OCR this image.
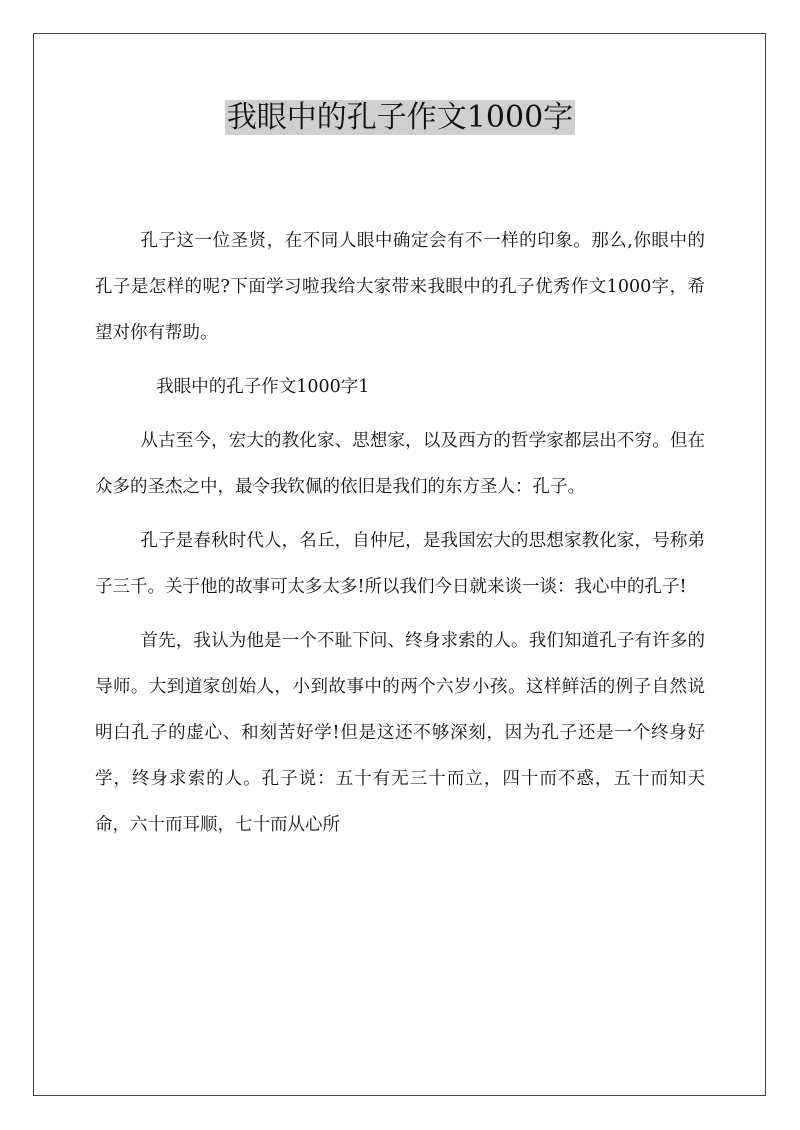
我眼中的孔子作文1000字

孔子这一位圣贤，在不同人眼中确定会有不一样的印象。那么,你眼中的孔子是怎样的呢?下面学习啦我给大家带来我眼中的孔子优秀作文1000字，希望对你有帮助。

我眼中的孔子作文1000字1

从古至今，宏大的教化家、思想家，以及西方的哲学家都层出不穷。但在众多的圣杰之中，最令我钦佩的依旧是我们的东方圣人：孔子。

孔子是春秋时代人，名丘，自仲尼，是我国宏大的思想家教化家，号称弟子三千。关于他的故事可太多太多!所以我们今日就来谈一谈：我心中的孔子!

首先，我认为他是一个不耻下问、终身求索的人。我们知道孔子有许多的导师。大到道家创始人，小到故事中的两个六岁小孩。这样鲜活的例子自然说明白孔子的虚心、和刻苦好学!但是这还不够深刻，因为孔子还是一个终身好学，终身求索的人。孔子说：五十有无三十而立，四十而不惑，五十而知天命，六十而耳顺，七十而从心所
